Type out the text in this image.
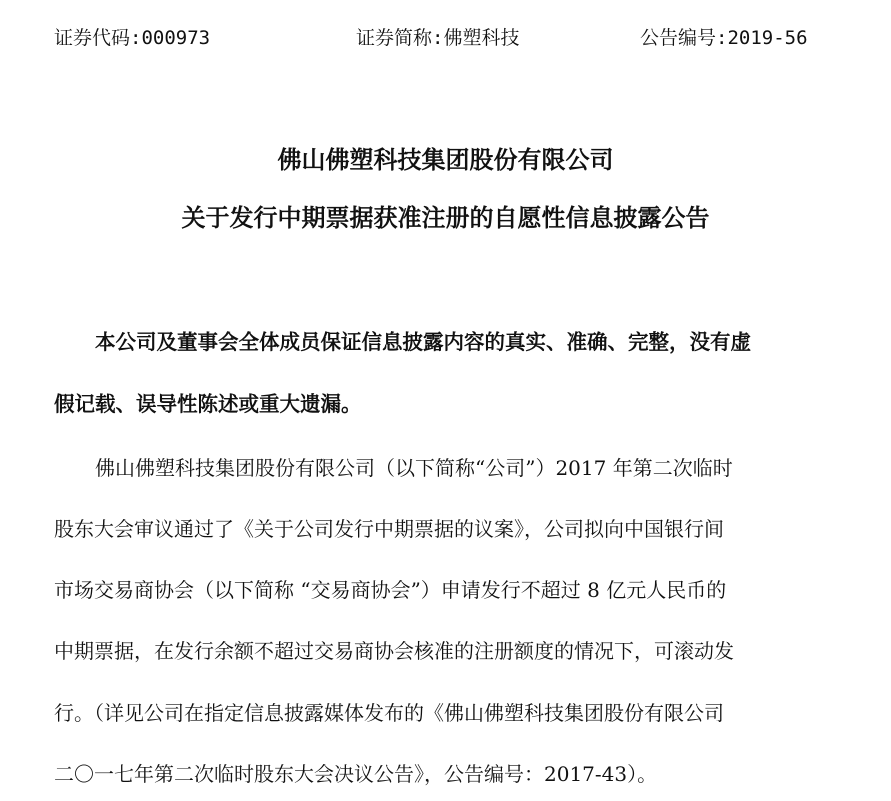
证券代码:000973	证券简称:佛塑科技	公告编号:2019-56
佛山佛塑科技集团股份有限公司
关于发行中期票据获准注册的自愿性信息披露公告
本公司及董事会全体成员保证信息披露内容的真实、准确、完整，没有虚
假记载、误导性陈述或重大遗漏。
佛山佛塑科技集团股份有限公司（以下简称“公司”）2017 年第二次临时
股东大会审议通过了《关于公司发行中期票据的议案》，公司拟向中国银行间
市场交易商协会（以下简称 “交易商协会”）申请发行不超过 8 亿元人民币的
中期票据，在发行余额不超过交易商协会核准的注册额度的情况下，可滚动发
行。（详见公司在指定信息披露媒体发布的《佛山佛塑科技集团股份有限公司
二〇一七年第二次临时股东大会决议公告》，公告编号：2017-43）。
